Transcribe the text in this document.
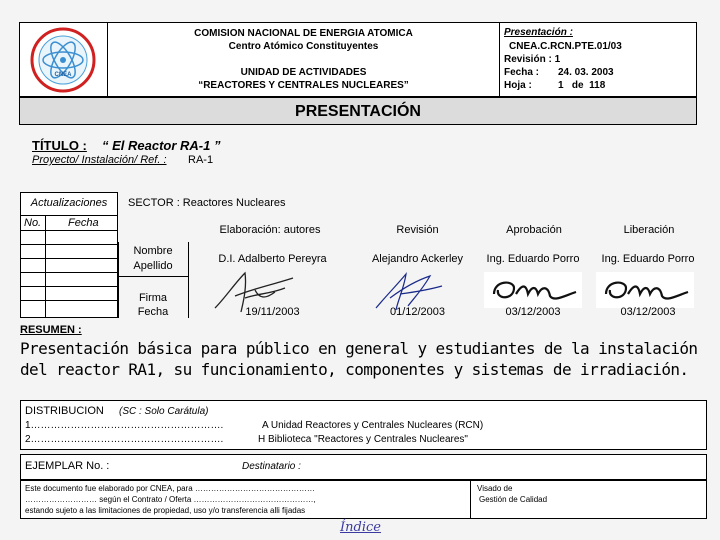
CNEA
COMISION NACIONAL DE ENERGIA ATOMICA
Centro Atómico Constituyentes
UNIDAD DE ACTIVIDADES
“REACTORES Y CENTRALES NUCLEARES”
Presentación :
CNEA.C.RCN.PTE.01/03
Revisión : 1
Fecha : 24. 03. 2003
Hoja :	1   de  118
PRESENTACIÓN
TÍTULO : “ El Reactor RA-1 ”
Proyecto/ Instalación/ Ref. : RA-1
Actualizaciones
No. Fecha
SECTOR : Reactores Nucleares
Elaboración: autores	Revisión	Aprobación	Liberación
Nombre
Apellido
Firma
Fecha
D.I. Adalberto Pereyra	Alejandro Ackerley	Ing. Eduardo Porro	Ing. Eduardo Porro
19/11/2003	01/12/2003	03/12/2003	03/12/2003
RESUMEN :
Presentación básica para público en general y estudiantes de la instalación del reactor RA1, su funcionamiento, componentes y sistemas de irradiación.
DISTRIBUCION (SC : Solo Carátula)
1………………………………………………….	A Unidad Reactores y Centrales Nucleares (RCN)
2………………………………………………….	H Biblioteca "Reactores y Centrales Nucleares"
EJEMPLAR No. :	Destinatario :
Este documento fue elaborado por CNEA, para ………………………………………
……………………… según el Contrato / Oferta ………………………………………,
estando sujeto a las limitaciones de propiedad, uso y/o transferencia alli fijadas
Visado de
Gestión de Calidad
Índice
